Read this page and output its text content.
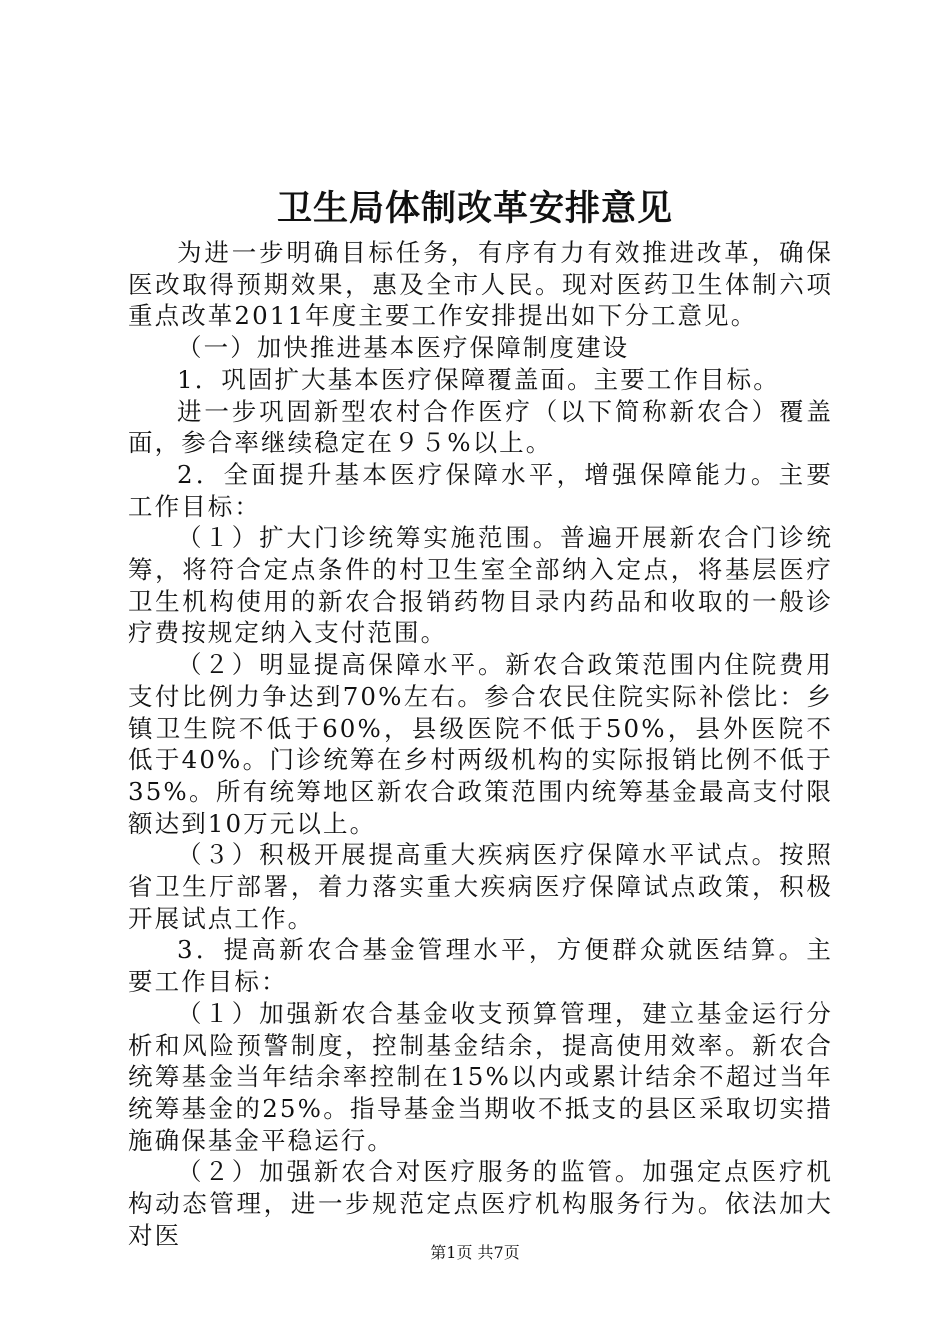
卫生局体制改革安排意见

为进一步明确目标任务，有序有力有效推进改革，确保医改取得预期效果，惠及全市人民。现对医药卫生体制六项重点改革2011年度主要工作安排提出如下分工意见。

（一）加快推进基本医疗保障制度建设

1．巩固扩大基本医疗保障覆盖面。主要工作目标。

进一步巩固新型农村合作医疗（以下简称新农合）覆盖面，参合率继续稳定在９５%以上。

2．全面提升基本医疗保障水平，增强保障能力。主要工作目标：

（１）扩大门诊统筹实施范围。普遍开展新农合门诊统筹，将符合定点条件的村卫生室全部纳入定点，将基层医疗卫生机构使用的新农合报销药物目录内药品和收取的一般诊疗费按规定纳入支付范围。

（２）明显提高保障水平。新农合政策范围内住院费用支付比例力争达到70%左右。参合农民住院实际补偿比：乡镇卫生院不低于60%，县级医院不低于50%，县外医院不低于40%。门诊统筹在乡村两级机构的实际报销比例不低于35%。所有统筹地区新农合政策范围内统筹基金最高支付限额达到10万元以上。

（３）积极开展提高重大疾病医疗保障水平试点。按照省卫生厅部署，着力落实重大疾病医疗保障试点政策，积极开展试点工作。

3．提高新农合基金管理水平，方便群众就医结算。主要工作目标：

（１）加强新农合基金收支预算管理，建立基金运行分析和风险预警制度，控制基金结余，提高使用效率。新农合统筹基金当年结余率控制在15%以内或累计结余不超过当年统筹基金的25%。指导基金当期收不抵支的县区采取切实措施确保基金平稳运行。

（２）加强新农合对医疗服务的监管。加强定点医疗机构动态管理，进一步规范定点医疗机构服务行为。依法加大对医

第1页 共7页
